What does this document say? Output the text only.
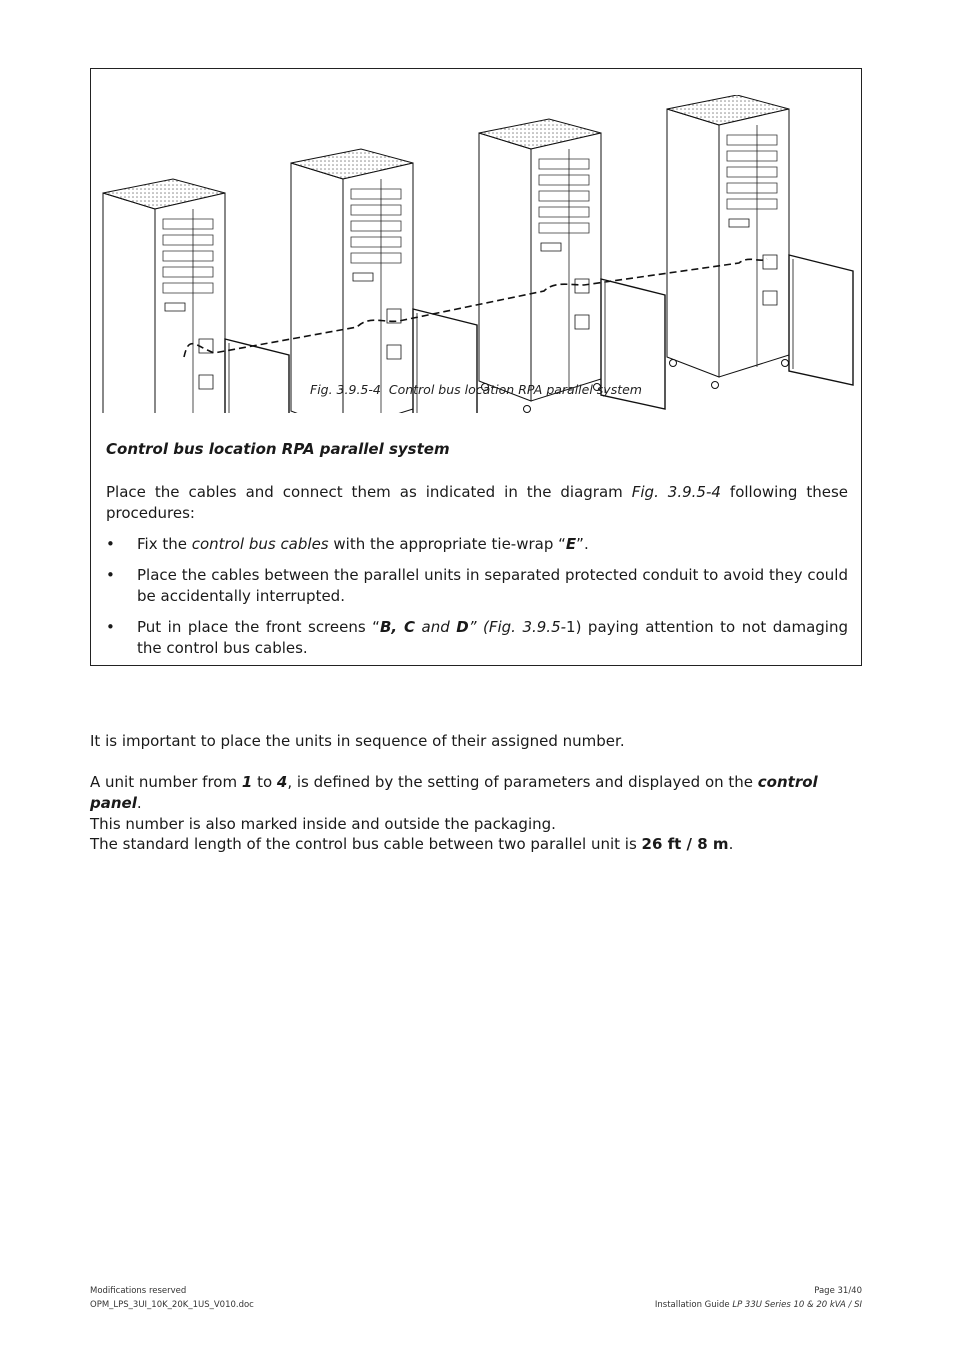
Fig. 3.9.5-4 Control bus location RPA parallel system
Control bus location RPA parallel system
Place the cables and connect them as indicated in the diagram Fig. 3.9.5-4 following these procedures:
• Fix the control bus cables with the appropriate tie-wrap “E”.
• Place the cables between the parallel units in separated protected conduit to avoid they could be accidentally interrupted.
• Put in place the front screens “B, C and D” (Fig. 3.9.5-1) paying attention to not damaging the control bus cables.
It is important to place the units in sequence of their assigned number.
A unit number from 1 to 4, is defined by the setting of parameters and displayed on the control panel.
This number is also marked inside and outside the packaging.
The standard length of the control bus cable between two parallel unit is 26 ft / 8 m.
Modifications reserved
OPM_LPS_3UI_10K_20K_1US_V010.doc
Page 31/40
Installation Guide LP 33U Series 10 & 20 kVA / SI
